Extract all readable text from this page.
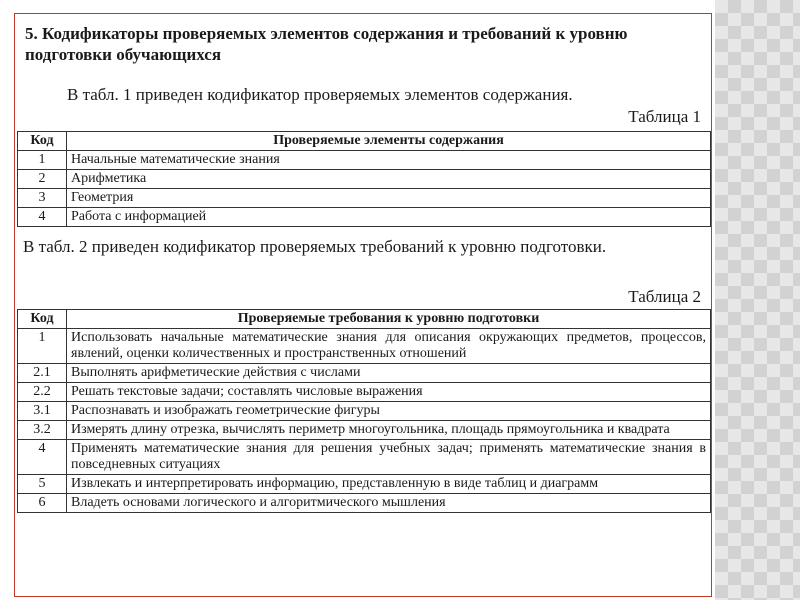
5. Кодификаторы проверяемых элементов содержания и требований к уровню подготовки обучающихся

В табл. 1 приведен кодификатор проверяемых элементов содержания.

Таблица 1

Код	Проверяемые элементы содержания
1	Начальные математические знания
2	Арифметика
3	Геометрия
4	Работа с информацией

В табл. 2 приведен кодификатор проверяемых требований к уровню подготовки.

Таблица 2

Код	Проверяемые требования к уровню подготовки
1	Использовать начальные математические знания для описания окружающих предметов, процессов, явлений, оценки количественных и пространственных отношений
2.1	Выполнять арифметические действия с числами
2.2	Решать текстовые задачи; составлять числовые выражения
3.1	Распознавать и изображать геометрические фигуры
3.2	Измерять длину отрезка, вычислять периметр многоугольника, площадь прямоугольника и квадрата
4	Применять математические знания для решения учебных задач; применять математические знания в повседневных ситуациях
5	Извлекать и интерпретировать информацию, представленную в виде таблиц и диаграмм
6	Владеть основами логического и алгоритмического мышления
